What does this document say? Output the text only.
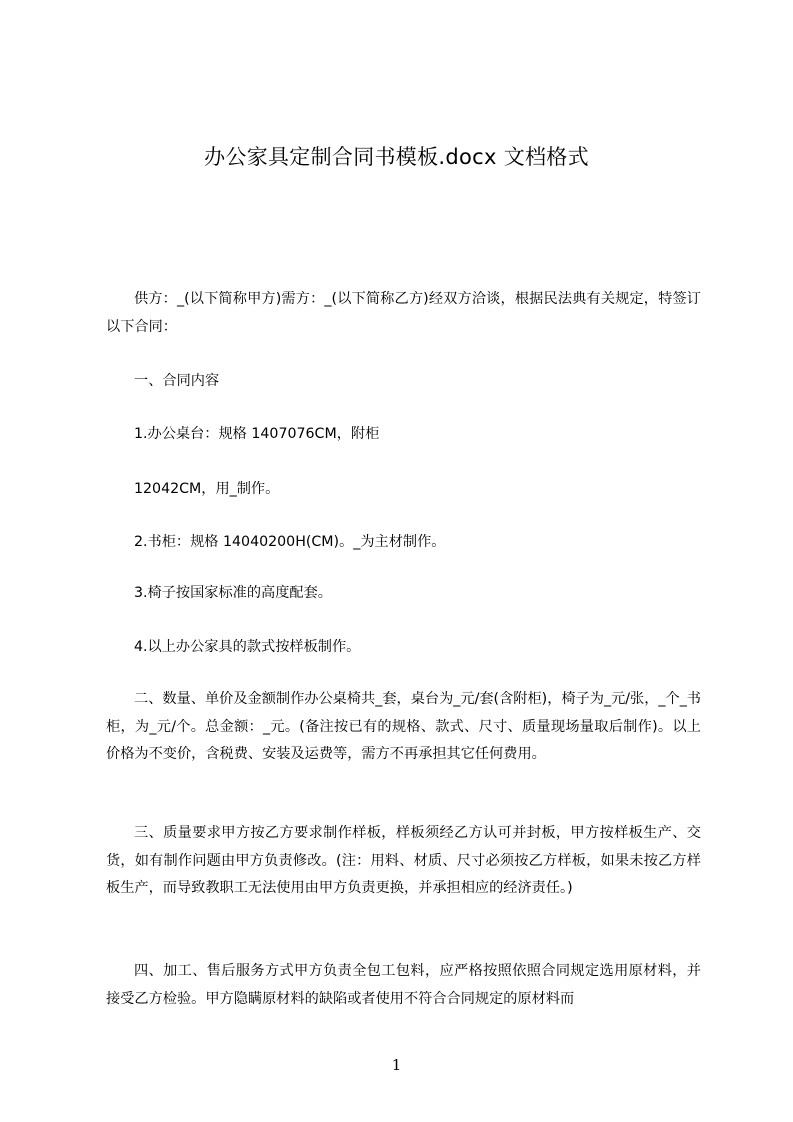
办公家具定制合同书模板.docx 文档格式

供方：_(以下简称甲方)需方：_(以下简称乙方)经双方洽谈，根据民法典有关规定，特签订以下合同：

一、合同内容

1.办公桌台：规格 1407076CM，附柜

12042CM，用_制作。

2.书柜：规格 14040200H(CM)。_为主材制作。

3.椅子按国家标准的高度配套。

4.以上办公家具的款式按样板制作。

二、数量、单价及金额制作办公桌椅共_套，桌台为_元/套(含附柜)，椅子为_元/张，_个_书柜，为_元/个。总金额：_元。(备注按已有的规格、款式、尺寸、质量现场量取后制作)。以上价格为不变价，含税费、安装及运费等，需方不再承担其它任何费用。

三、质量要求甲方按乙方要求制作样板，样板须经乙方认可并封板，甲方按样板生产、交货，如有制作问题由甲方负责修改。(注：用料、材质、尺寸必须按乙方样板，如果未按乙方样板生产，而导致教职工无法使用由甲方负责更换，并承担相应的经济责任。)

四、加工、售后服务方式甲方负责全包工包料，应严格按照依照合同规定选用原材料，并接受乙方检验。甲方隐瞒原材料的缺陷或者使用不符合合同规定的原材料而

1
